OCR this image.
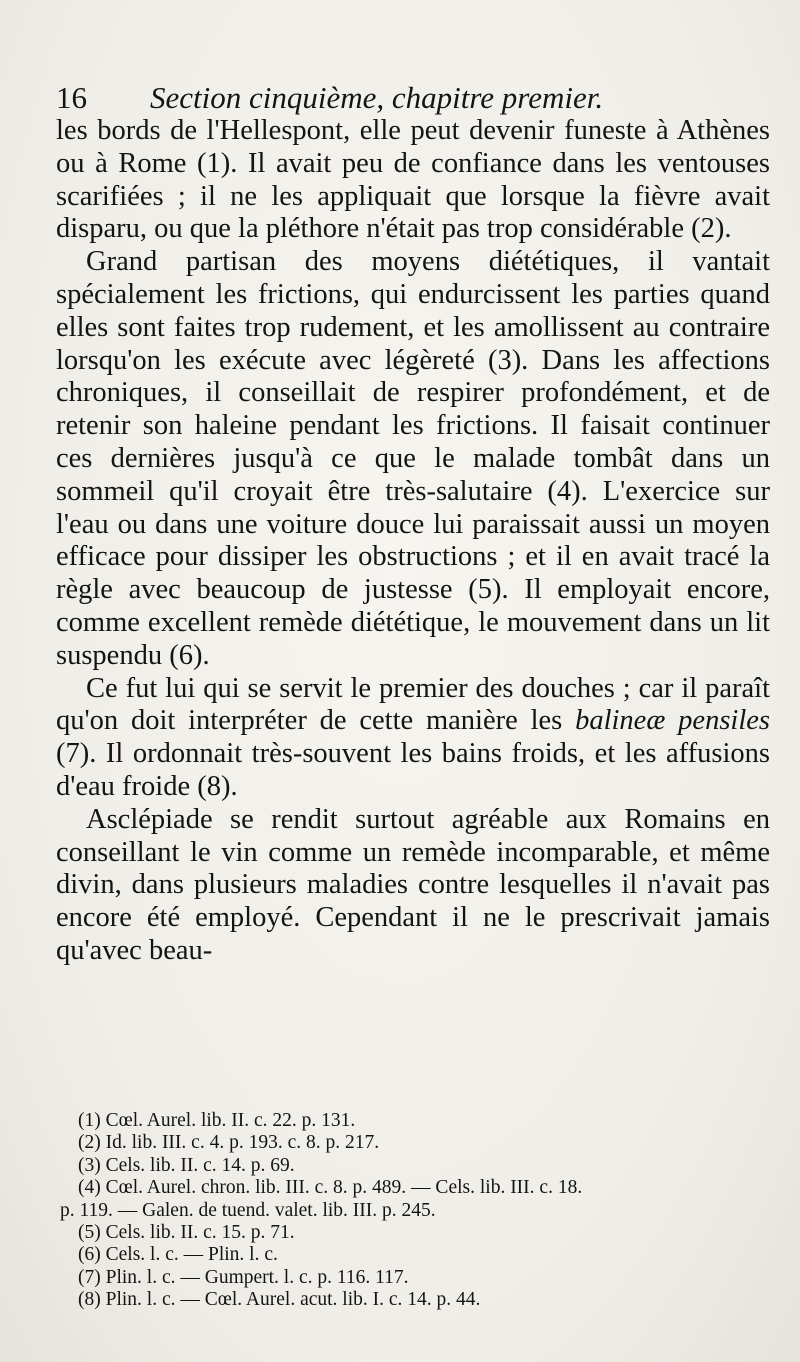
16 Section cinquième, chapitre premier.

les bords de l'Hellespont, elle peut devenir funeste à Athènes ou à Rome (1). Il avait peu de confiance dans les ventouses scarifiées ; il ne les appliquait que lorsque la fièvre avait disparu, ou que la pléthore n'était pas trop considérable (2).

Grand partisan des moyens diététiques, il vantait spécialement les frictions, qui endurcissent les parties quand elles sont faites trop rudement, et les amollissent au contraire lorsqu'on les exécute avec légèreté (3). Dans les affections chroniques, il conseillait de respirer profondément, et de retenir son haleine pendant les frictions. Il faisait continuer ces dernières jusqu'à ce que le malade tombât dans un sommeil qu'il croyait être très-salutaire (4). L'exercice sur l'eau ou dans une voiture douce lui paraissait aussi un moyen efficace pour dissiper les obstructions ; et il en avait tracé la règle avec beaucoup de justesse (5). Il employait encore, comme excellent remède diététique, le mouvement dans un lit suspendu (6).

Ce fut lui qui se servit le premier des douches ; car il paraît qu'on doit interpréter de cette manière les balineæ pensiles (7). Il ordonnait très-souvent les bains froids, et les affusions d'eau froide (8).

Asclépiade se rendit surtout agréable aux Romains en conseillant le vin comme un remède incomparable, et même divin, dans plusieurs maladies contre lesquelles il n'avait pas encore été employé. Cependant il ne le prescrivait jamais qu'avec beau-

(1) Cœl. Aurel. lib. II. c. 22. p. 131.
(2) Id. lib. III. c. 4. p. 193. c. 8. p. 217.
(3) Cels. lib. II. c. 14. p. 69.
(4) Cœl. Aurel. chron. lib. III. c. 8. p. 489. — Cels. lib. III. c. 18.
p. 119. — Galen. de tuend. valet. lib. III. p. 245.
(5) Cels. lib. II. c. 15. p. 71.
(6) Cels. l. c. — Plin. l. c.
(7) Plin. l. c. — Gumpert. l. c. p. 116. 117.
(8) Plin. l. c. — Cœl. Aurel. acut. lib. I. c. 14. p. 44.
